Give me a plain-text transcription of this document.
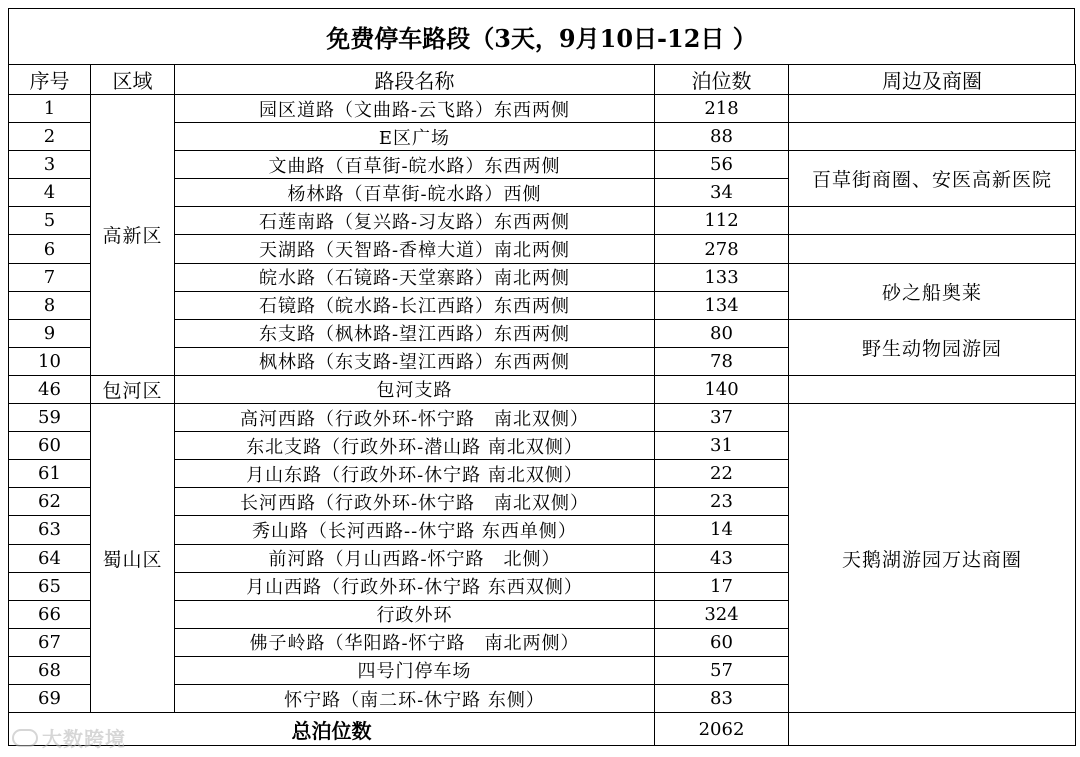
免费停车路段（3天，9月10日-12日 ）
序号	区域	路段名称	泊位数	周边及商圈
1	高新区	园区道路（文曲路-云飞路）东西两侧	218	
2		E区广场	88	
3		文曲路（百草街-皖水路）东西两侧	56	百草街商圈、安医高新医院
4		杨林路（百草街-皖水路）西侧	34	
5		石莲南路（复兴路-习友路）东西两侧	112	
6		天湖路（天智路-香樟大道）南北两侧	278	
7		皖水路（石镜路-天堂寨路）南北两侧	133	砂之船奥莱
8		石镜路（皖水路-长江西路）东西两侧	134	
9		东支路（枫林路-望江西路）东西两侧	80	野生动物园游园
10		枫林路（东支路-望江西路）东西两侧	78	
46	包河区	包河支路	140	
59	蜀山区	高河西路（行政外环-怀宁路　南北双侧）	37	天鹅湖游园万达商圈
60		东北支路（行政外环-潜山路 南北双侧）	31	
61		月山东路（行政外环-休宁路 南北双侧）	22	
62		长河西路（行政外环-休宁路　南北双侧）	23	
63		秀山路（长河西路--休宁路 东西单侧）	14	
64		前河路（月山西路-怀宁路　北侧）	43	
65		月山西路（行政外环-休宁路 东西双侧）	17	
66		行政外环	324	
67		佛子岭路（华阳路-怀宁路　南北两侧）	60	
68		四号门停车场	57	
69		怀宁路（南二环-休宁路 东侧）	83	
总泊位数			2062	
大数跨境
